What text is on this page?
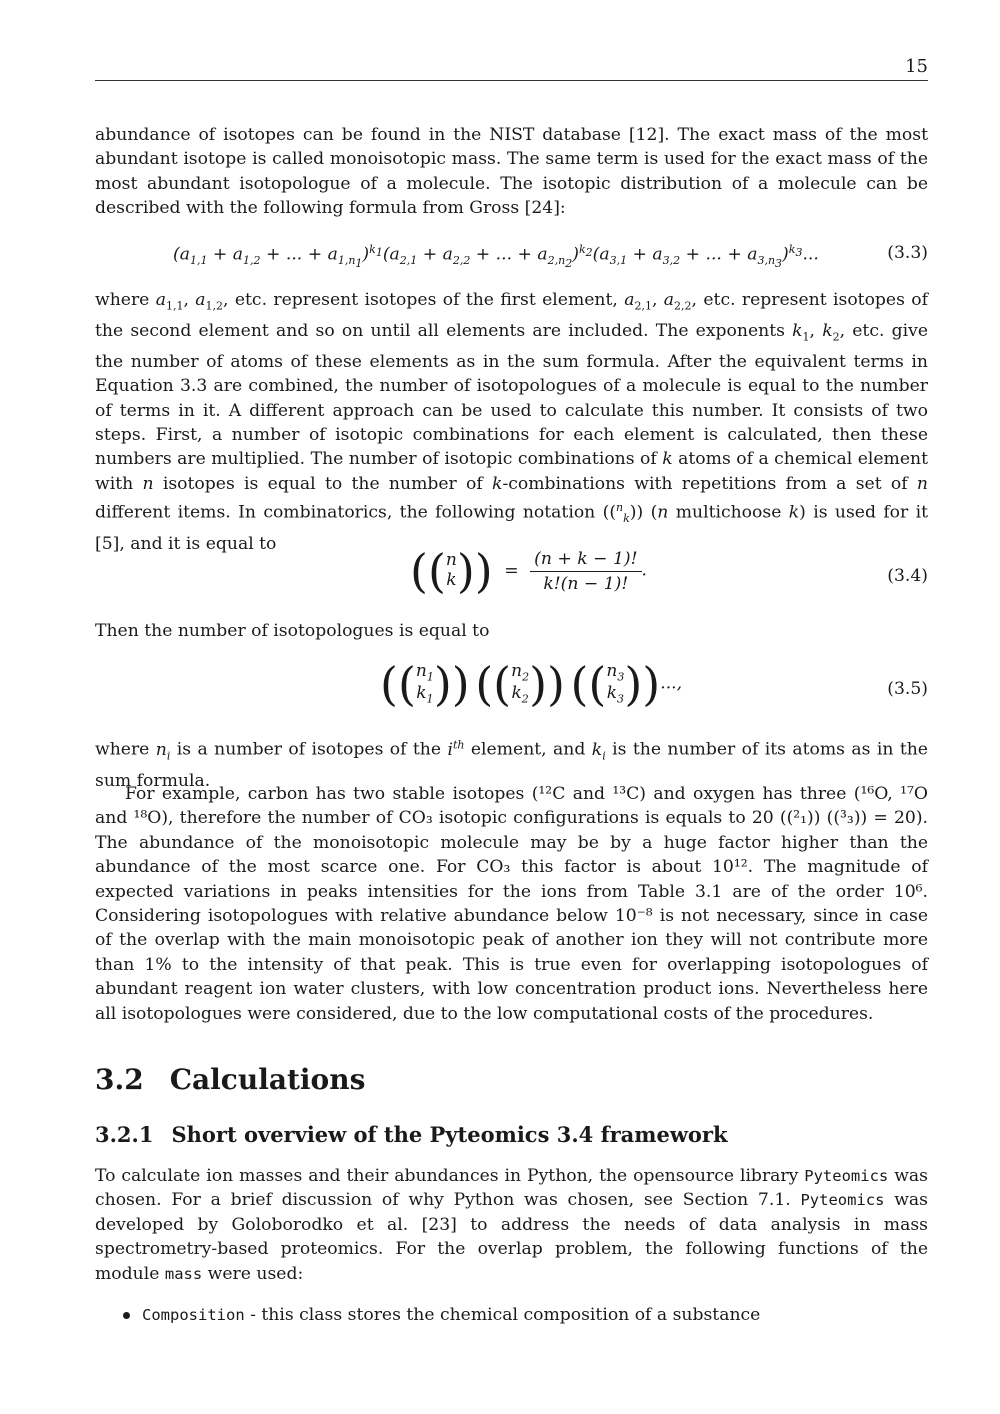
15

abundance of isotopes can be found in the NIST database [12]. The exact mass of the most abundant isotope is called monoisotopic mass. The same term is used for the exact mass of the most abundant isotopologue of a molecule. The isotopic distribution of a molecule can be described with the following formula from Gross [24]:

($a_{1,1} + a_{1,2}$ + ... + $a_{1,n_1})^{k_1}(a_{2,1} + a_{2,2}$ + ... + $a_{2,n_2})^{k_2}(a_{3,1} + a_{3,2}$ + ... + $a_{3,n_3})^{k_3}$...	(3.3)

where $a_{1,1}$, $a_{1,2}$, etc. represent isotopes of the first element, $a_{2,1}$, $a_{2,2}$, etc. represent isotopes of the second element and so on until all elements are included. The exponents $k_1$, $k_2$, etc. give the number of atoms of these elements as in the sum formula. After the equivalent terms in Equation 3.3 are combined, the number of isotopologues of a molecule is equal to the number of terms in it. A different approach can be used to calculate this number. It consists of two steps. First, a number of isotopic combinations for each element is calculated, then these numbers are multiplied. The number of isotopic combinations of k atoms of a chemical element with n isotopes is equal to the number of k-combinations with repetitions from a set of n different items. In combinatorics, the following notation (($^n_k$)) (n multichoose k) is used for it [5], and it is equal to

((n
$k)) = \frac{(n + k - 1)!}{k!(n - 1)!}$ .	(3.4)

Then the number of isotopologues is equal to

(($n_1$
$k_1$)) (($n_2$
$k_2$)) (($n_3$
$k_3$))...,	(3.5)

where $n_i$ is a number of isotopes of the $i^{th}$ element, and $k_i$ is the number of its atoms as in the sum formula.

For example, carbon has two stable isotopes (¹²C and ¹³C) and oxygen has three (¹⁶O, ¹⁷O and ¹⁸O), therefore the number of CO₃ isotopic configurations is equals to 20 ((²₁)) ((³₃)) = 20). The abundance of the monoisotopic molecule may be by a huge factor higher than the abundance of the most scarce one. For CO₃ this factor is about 10¹². The magnitude of expected variations in peaks intensities for the ions from Table 3.1 are of the order 10⁶. Considering isotopologues with relative abundance below 10⁻⁸ is not necessary, since in case of the overlap with the main monoisotopic peak of another ion they will not contribute more than 1% to the intensity of that peak. This is true even for overlapping isotopologues of abundant reagent ion water clusters, with low concentration product ions. Nevertheless here all isotopologues were considered, due to the low computational costs of the procedures.

3.2 Calculations
3.2.1 Short overview of the Pyteomics 3.4 framework

To calculate ion masses and their abundances in Python, the opensource library Pyteomics was chosen. For a brief discussion of why Python was chosen, see Section 7.1. Pyteomics was developed by Goloborodko et al. [23] to address the needs of data analysis in mass spectrometry-based proteomics. For the overlap problem, the following functions of the module mass were used:

Composition - this class stores the chemical composition of a substance
